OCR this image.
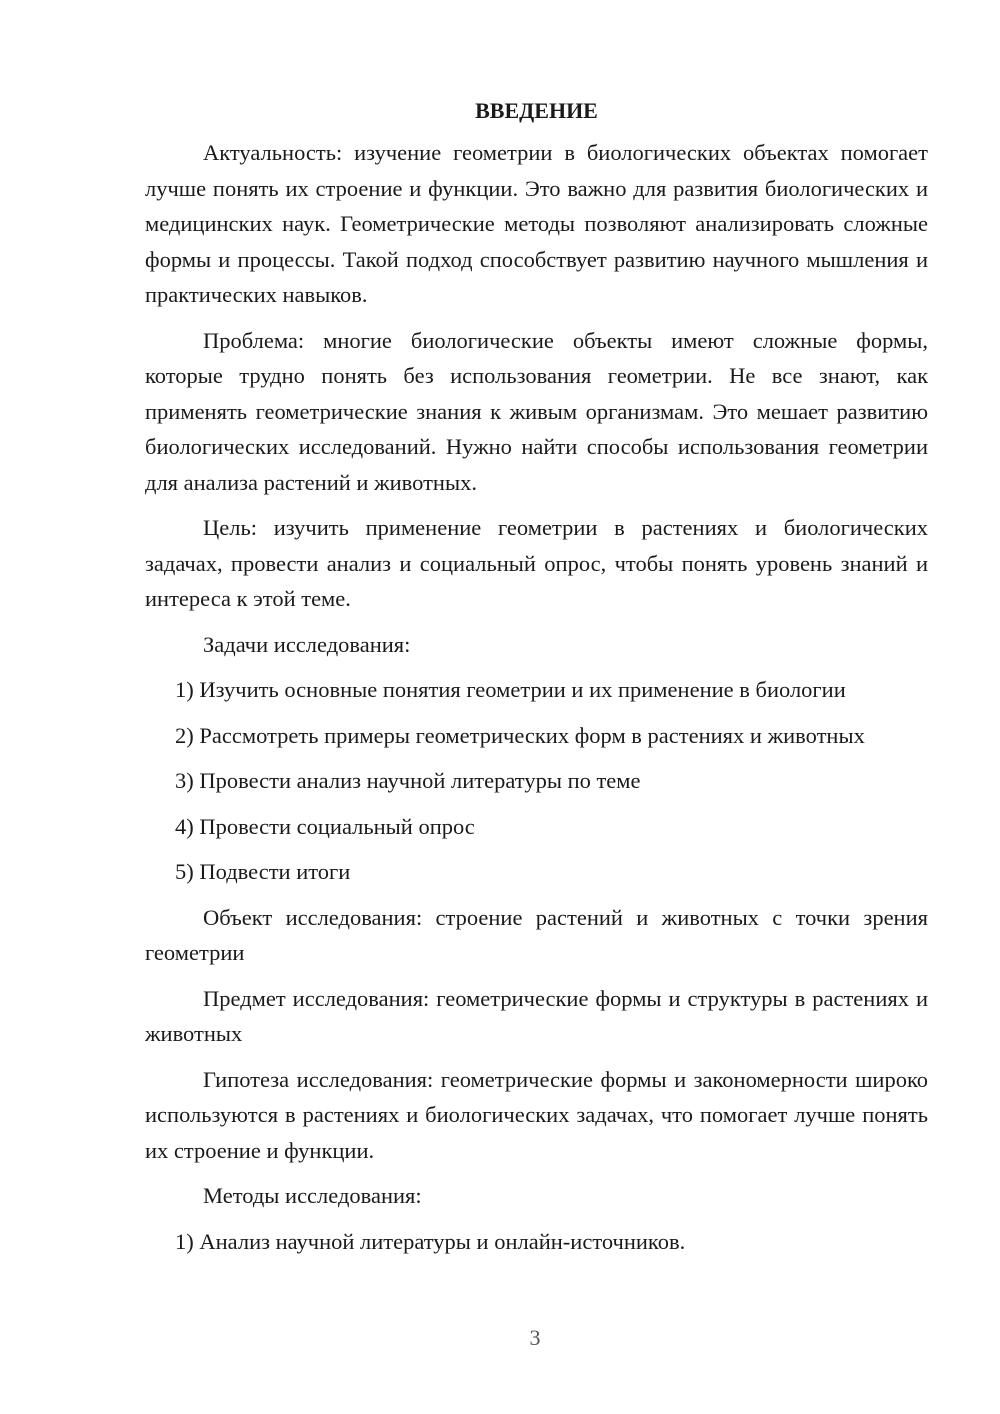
ВВЕДЕНИЕ

Актуальность: изучение геометрии в биологических объектах помогает лучше понять их строение и функции. Это важно для развития биологических и медицинских наук. Геометрические методы позволяют анализировать сложные формы и процессы. Такой подход способствует развитию научного мышления и практических навыков.

Проблема: многие биологические объекты имеют сложные формы, которые трудно понять без использования геометрии. Не все знают, как применять геометрические знания к живым организмам. Это мешает развитию биологических исследований. Нужно найти способы использования геометрии для анализа растений и животных.

Цель: изучить применение геометрии в растениях и биологических задачах, провести анализ и социальный опрос, чтобы понять уровень знаний и интереса к этой теме.

Задачи исследования:

1) Изучить основные понятия геометрии и их применение в биологии

2) Рассмотреть примеры геометрических форм в растениях и животных

3) Провести анализ научной литературы по теме

4) Провести социальный опрос

5) Подвести итоги

Объект исследования: строение растений и животных с точки зрения геометрии

Предмет исследования: геометрические формы и структуры в растениях и животных

Гипотеза исследования: геометрические формы и закономерности широко используются в растениях и биологических задачах, что помогает лучше понять их строение и функции.

Методы исследования:

1) Анализ научной литературы и онлайн-источников.

3
